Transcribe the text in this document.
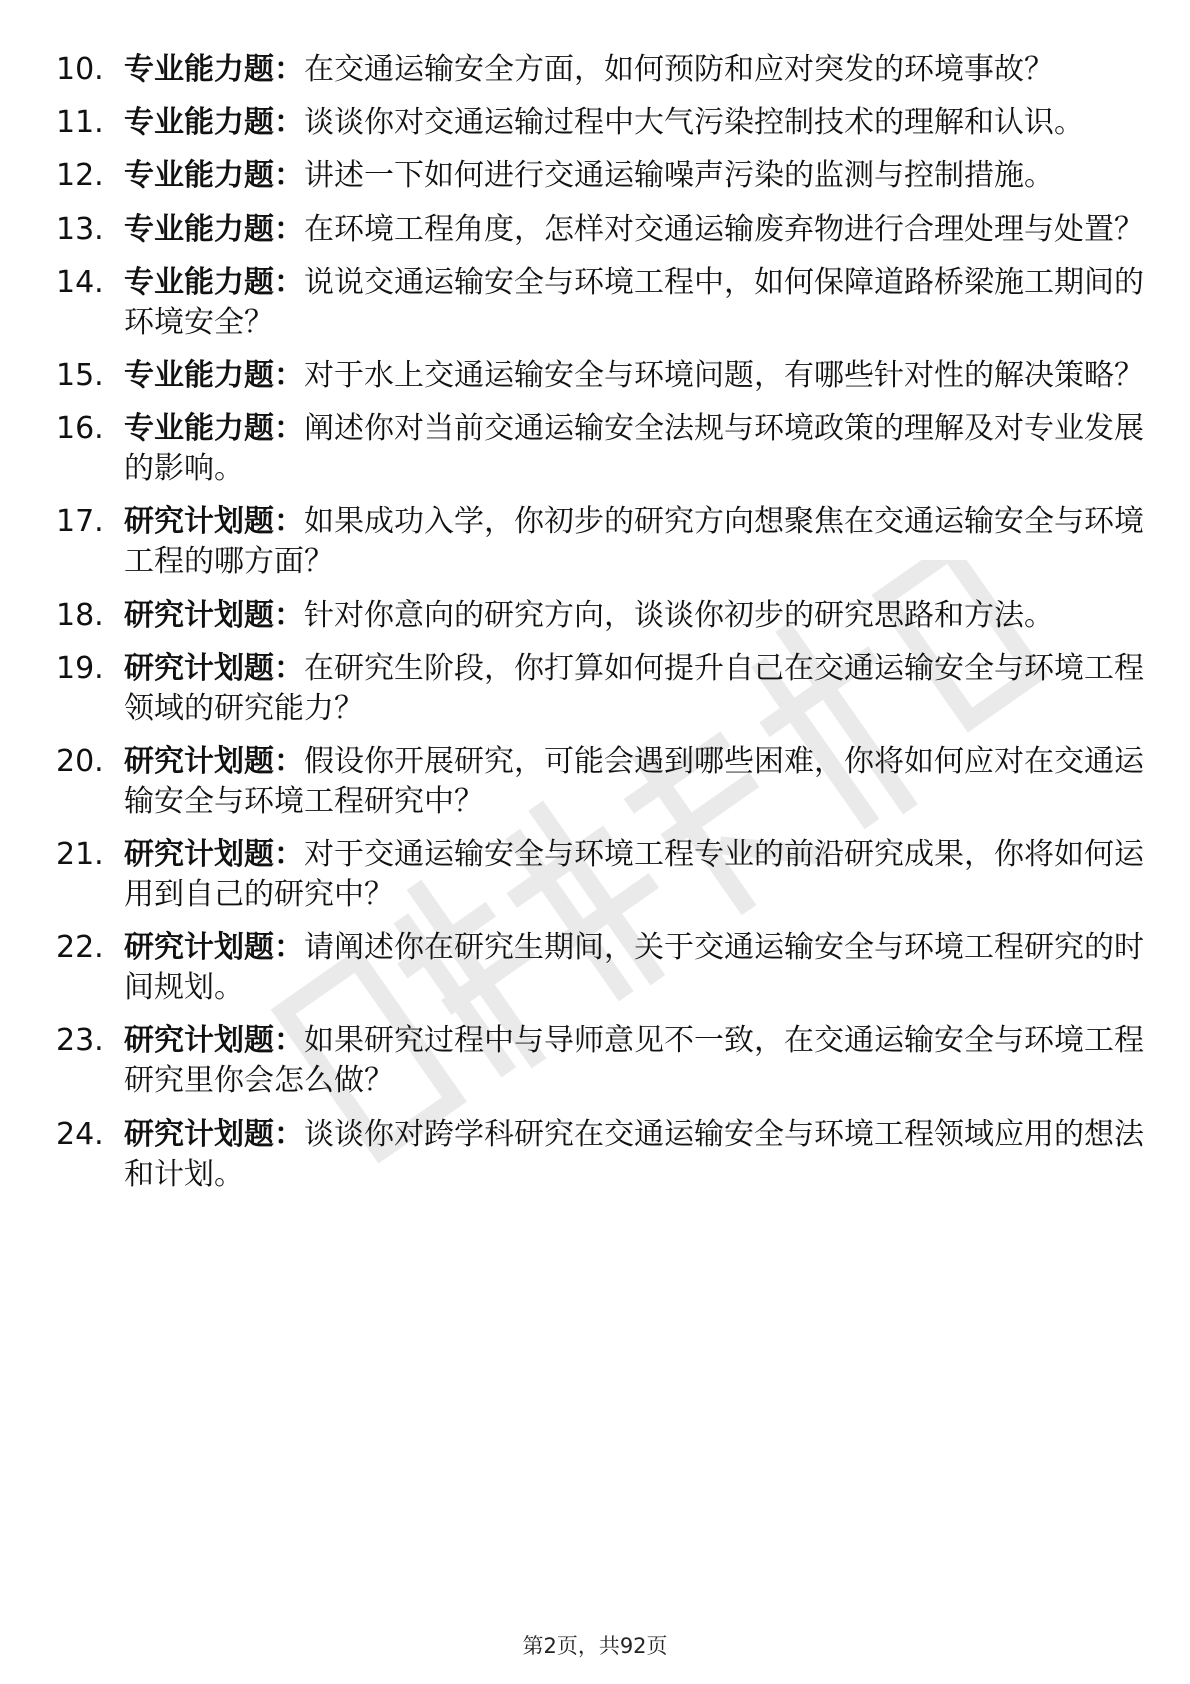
10. 专业能力题：在交通运输安全方面，如何预防和应对突发的环境事故？
11. 专业能力题：谈谈你对交通运输过程中大气污染控制技术的理解和认识。
12. 专业能力题：讲述一下如何进行交通运输噪声污染的监测与控制措施。
13. 专业能力题：在环境工程角度，怎样对交通运输废弃物进行合理处理与处置？
14. 专业能力题：说说交通运输安全与环境工程中，如何保障道路桥梁施工期间的环境安全？
15. 专业能力题：对于水上交通运输安全与环境问题，有哪些针对性的解决策略？
16. 专业能力题：阐述你对当前交通运输安全法规与环境政策的理解及对专业发展的影响。
17. 研究计划题：如果成功入学，你初步的研究方向想聚焦在交通运输安全与环境工程的哪方面？
18. 研究计划题：针对你意向的研究方向，谈谈你初步的研究思路和方法。
19. 研究计划题：在研究生阶段，你打算如何提升自己在交通运输安全与环境工程领域的研究能力？
20. 研究计划题：假设你开展研究，可能会遇到哪些困难，你将如何应对在交通运输安全与环境工程研究中？
21. 研究计划题：对于交通运输安全与环境工程专业的前沿研究成果，你将如何运用到自己的研究中？
22. 研究计划题：请阐述你在研究生期间，关于交通运输安全与环境工程研究的时间规划。
23. 研究计划题：如果研究过程中与导师意见不一致，在交通运输安全与环境工程研究里你会怎么做？
24. 研究计划题：谈谈你对跨学科研究在交通运输安全与环境工程领域应用的想法和计划。
第2页，共92页
